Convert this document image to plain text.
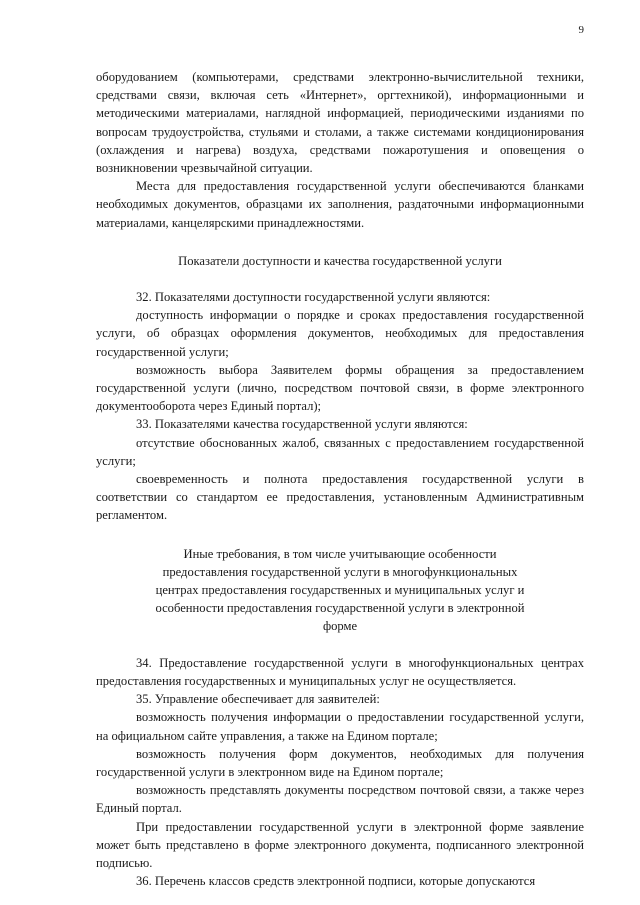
9

оборудованием (компьютерами, средствами электронно-вычислительной техники, средствами связи, включая сеть «Интернет», оргтехникой), информационными и методическими материалами, наглядной информацией, периодическими изданиями по вопросам трудоустройства, стульями и столами, а также системами кондиционирования (охлаждения и нагрева) воздуха, средствами пожаротушения и оповещения о возникновении чрезвычайной ситуации.

Места для предоставления государственной услуги обеспечиваются бланками необходимых документов, образцами их заполнения, раздаточными информационными материалами, канцелярскими принадлежностями.

Показатели доступности и качества государственной услуги

32. Показателями доступности государственной услуги являются:

доступность информации о порядке и сроках предоставления государственной услуги, об образцах оформления документов, необходимых для предоставления государственной услуги;

возможность выбора Заявителем формы обращения за предоставлением государственной услуги (лично, посредством почтовой связи, в форме электронного документооборота через Единый портал);

33. Показателями качества государственной услуги являются:

отсутствие обоснованных жалоб, связанных с предоставлением государственной услуги;

своевременность и полнота предоставления государственной услуги в соответствии со стандартом ее предоставления, установленным Административным регламентом.

Иные требования, в том числе учитывающие особенности предоставления государственной услуги в многофункциональных центрах предоставления государственных и муниципальных услуг и особенности предоставления государственной услуги в электронной форме

34. Предоставление государственной услуги в многофункциональных центрах предоставления государственных и муниципальных услуг не осуществляется.

35. Управление обеспечивает для заявителей:

возможность получения информации о предоставлении государственной услуги, на официальном сайте управления, а также на Едином портале;

возможность получения форм документов, необходимых для получения государственной услуги в электронном виде на Едином портале;

возможность представлять документы посредством почтовой связи, а также через Единый портал.

При предоставлении государственной услуги в электронной форме заявление может быть представлено в форме электронного документа, подписанного электронной подписью.

36. Перечень классов средств электронной подписи, которые допускаются
